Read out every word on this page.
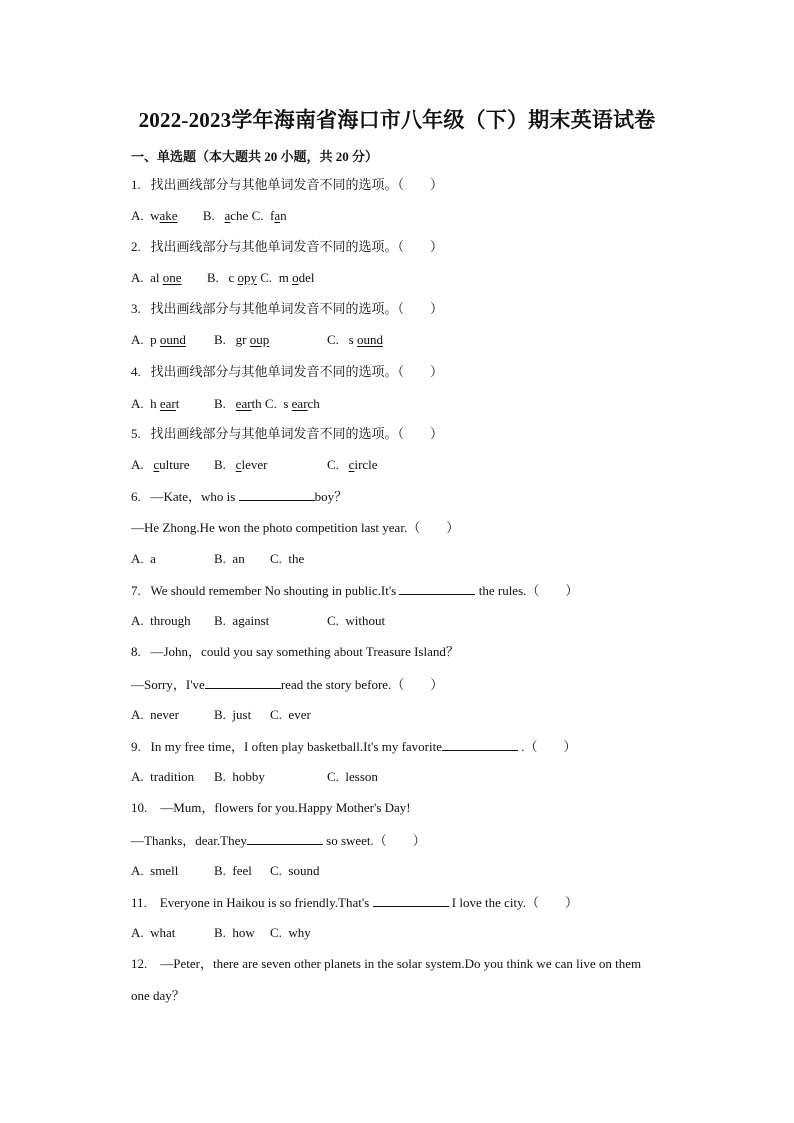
2022-2023学年海南省海口市八年级（下）期末英语试卷
一、单选题（本大题共 20 小题，共 20 分）
1. 找出画线部分与其他单词发音不同的选项。（　　）
A. wake B. ache C. fan
2. 找出画线部分与其他单词发音不同的选项。（　　）
A. al one B. c opy C. m odel
3. 找出画线部分与其他单词发音不同的选项。（　　）
A. p ound B. gr oup	C. s ound
4. 找出画线部分与其他单词发音不同的选项。（　　）
A. h eart	B. earth C. s earch
5. 找出画线部分与其他单词发音不同的选项。（　　）
A. culture B. clever	C. circle
6. —Kate，who is	boy？
—He Zhong.He won the photo competition last year.（　　）
A. a	B. an C. the
7. We should remember No shouting in public.It's	the rules.（　　）
A. through B. against	C. without
8. —John，could you say something about Treasure Island？
—Sorry，I've	read the story before.（　　）
A. never	B. just C. ever
9. In my free time，I often play basketball.It's my favorite	.（　　）
A. tradition B. hobby	C. lesson
10. —Mum，flowers for you.Happy Mother's Day!
—Thanks，dear.They	so sweet.（　　）
A. smell	B. feel C. sound
11. Everyone in Haikou is so friendly.That's	I love the city.（　　）
A. what	B. how C. why
12. —Peter，there are seven other planets in the solar system.Do you think we can live on them
one day？
